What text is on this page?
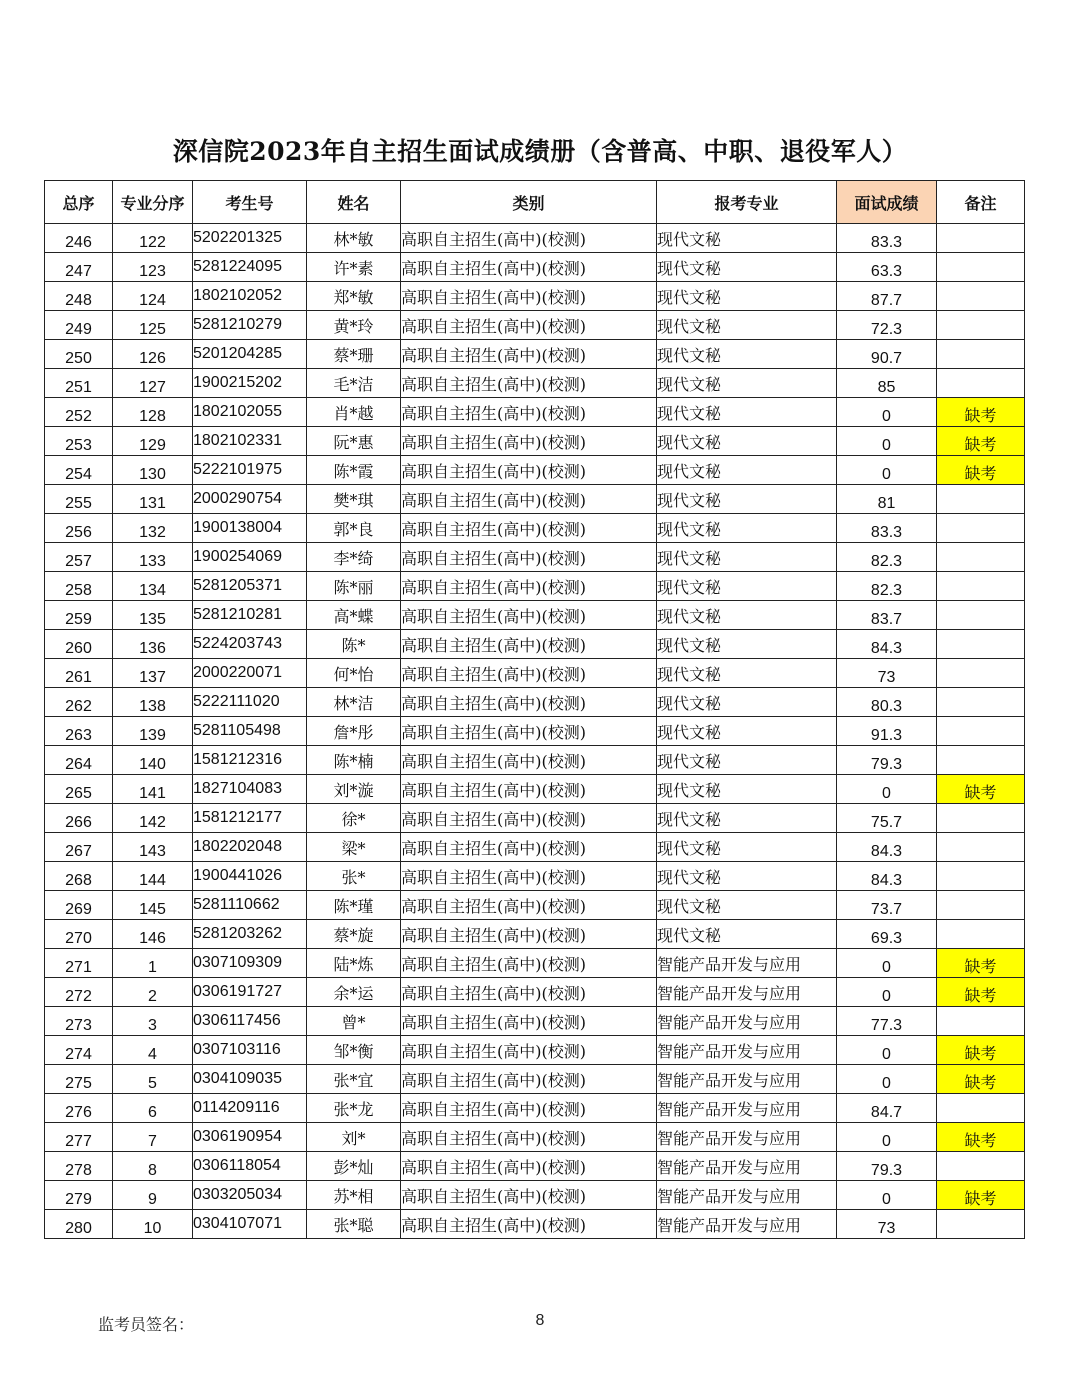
深信院2023年自主招生面试成绩册（含普高、中职、退役军人）
总序	专业分序	考生号	姓名	类别	报考专业	面试成绩	备注
246	122	5202201325	林*敏	高职自主招生(高中)(校测)	现代文秘	83.3	
247	123	5281224095	许*素	高职自主招生(高中)(校测)	现代文秘	63.3	
248	124	1802102052	郑*敏	高职自主招生(高中)(校测)	现代文秘	87.7	
249	125	5281210279	黄*玲	高职自主招生(高中)(校测)	现代文秘	72.3	
250	126	5201204285	蔡*珊	高职自主招生(高中)(校测)	现代文秘	90.7	
251	127	1900215202	毛*洁	高职自主招生(高中)(校测)	现代文秘	85	
252	128	1802102055	肖*越	高职自主招生(高中)(校测)	现代文秘	0	缺考
253	129	1802102331	阮*惠	高职自主招生(高中)(校测)	现代文秘	0	缺考
254	130	5222101975	陈*霞	高职自主招生(高中)(校测)	现代文秘	0	缺考
255	131	2000290754	樊*琪	高职自主招生(高中)(校测)	现代文秘	81	
256	132	1900138004	郭*良	高职自主招生(高中)(校测)	现代文秘	83.3	
257	133	1900254069	李*绮	高职自主招生(高中)(校测)	现代文秘	82.3	
258	134	5281205371	陈*丽	高职自主招生(高中)(校测)	现代文秘	82.3	
259	135	5281210281	高*蝶	高职自主招生(高中)(校测)	现代文秘	83.7	
260	136	5224203743	陈*	高职自主招生(高中)(校测)	现代文秘	84.3	
261	137	2000220071	何*怡	高职自主招生(高中)(校测)	现代文秘	73	
262	138	5222111020	林*洁	高职自主招生(高中)(校测)	现代文秘	80.3	
263	139	5281105498	詹*彤	高职自主招生(高中)(校测)	现代文秘	91.3	
264	140	1581212316	陈*楠	高职自主招生(高中)(校测)	现代文秘	79.3	
265	141	1827104083	刘*漩	高职自主招生(高中)(校测)	现代文秘	0	缺考
266	142	1581212177	徐*	高职自主招生(高中)(校测)	现代文秘	75.7	
267	143	1802202048	梁*	高职自主招生(高中)(校测)	现代文秘	84.3	
268	144	1900441026	张*	高职自主招生(高中)(校测)	现代文秘	84.3	
269	145	5281110662	陈*瑾	高职自主招生(高中)(校测)	现代文秘	73.7	
270	146	5281203262	蔡*旋	高职自主招生(高中)(校测)	现代文秘	69.3	
271	1	0307109309	陆*炼	高职自主招生(高中)(校测)	智能产品开发与应用	0	缺考
272	2	0306191727	余*运	高职自主招生(高中)(校测)	智能产品开发与应用	0	缺考
273	3	0306117456	曾*	高职自主招生(高中)(校测)	智能产品开发与应用	77.3	
274	4	0307103116	邹*衡	高职自主招生(高中)(校测)	智能产品开发与应用	0	缺考
275	5	0304109035	张*宜	高职自主招生(高中)(校测)	智能产品开发与应用	0	缺考
276	6	0114209116	张*龙	高职自主招生(高中)(校测)	智能产品开发与应用	84.7	
277	7	0306190954	刘*	高职自主招生(高中)(校测)	智能产品开发与应用	0	缺考
278	8	0306118054	彭*灿	高职自主招生(高中)(校测)	智能产品开发与应用	79.3	
279	9	0303205034	苏*相	高职自主招生(高中)(校测)	智能产品开发与应用	0	缺考
280	10	0304107071	张*聪	高职自主招生(高中)(校测)	智能产品开发与应用	73	
监考员签名：	8
